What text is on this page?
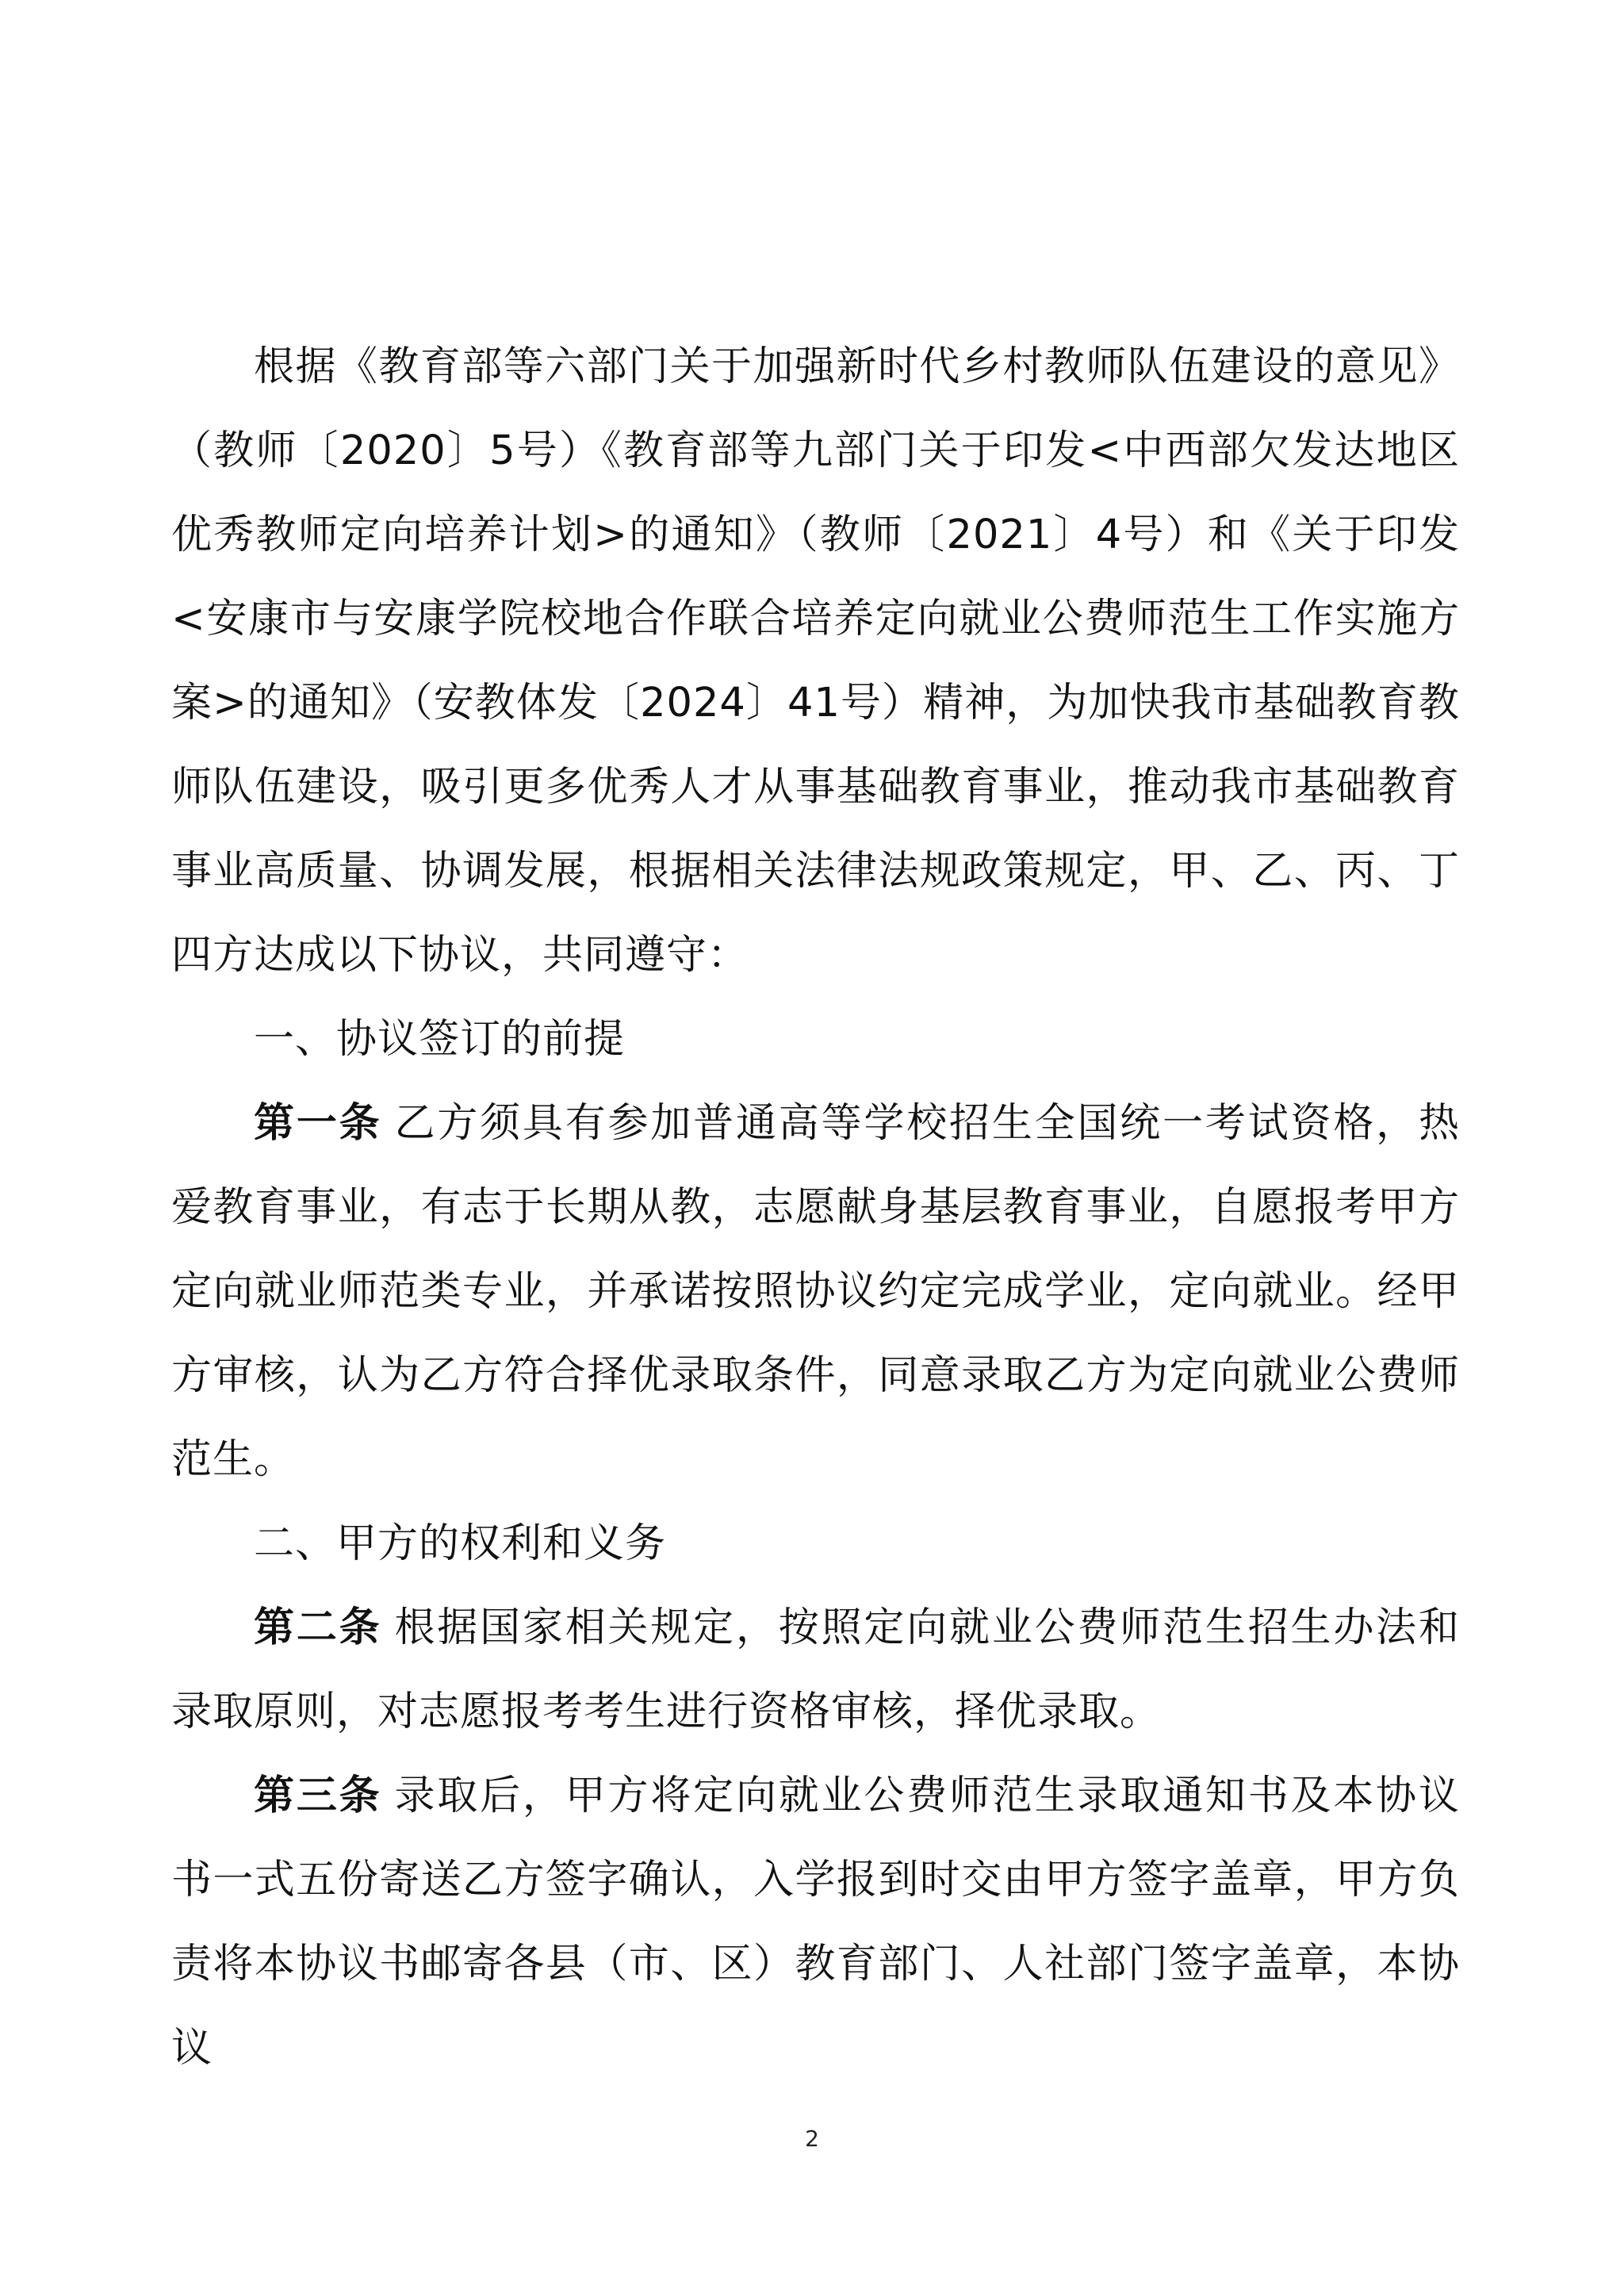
根据《教育部等六部门关于加强新时代乡村教师队伍建设的意见》（教师〔2020〕5号）《教育部等九部门关于印发<中西部欠发达地区优秀教师定向培养计划>的通知》（教师〔2021〕4号）和《关于印发<安康市与安康学院校地合作联合培养定向就业公费师范生工作实施方案>的通知》（安教体发〔2024〕41号）精神，为加快我市基础教育教师队伍建设，吸引更多优秀人才从事基础教育事业，推动我市基础教育事业高质量、协调发展，根据相关法律法规政策规定，甲、乙、丙、丁四方达成以下协议，共同遵守：

一、协议签订的前提

第一条 乙方须具有参加普通高等学校招生全国统一考试资格，热爱教育事业，有志于长期从教，志愿献身基层教育事业，自愿报考甲方定向就业师范类专业，并承诺按照协议约定完成学业，定向就业。经甲方审核，认为乙方符合择优录取条件，同意录取乙方为定向就业公费师范生。

二、甲方的权利和义务

第二条 根据国家相关规定，按照定向就业公费师范生招生办法和录取原则，对志愿报考考生进行资格审核，择优录取。

第三条 录取后，甲方将定向就业公费师范生录取通知书及本协议书一式五份寄送乙方签字确认，入学报到时交由甲方签字盖章，甲方负责将本协议书邮寄各县（市、区）教育部门、人社部门签字盖章，本协议

2
